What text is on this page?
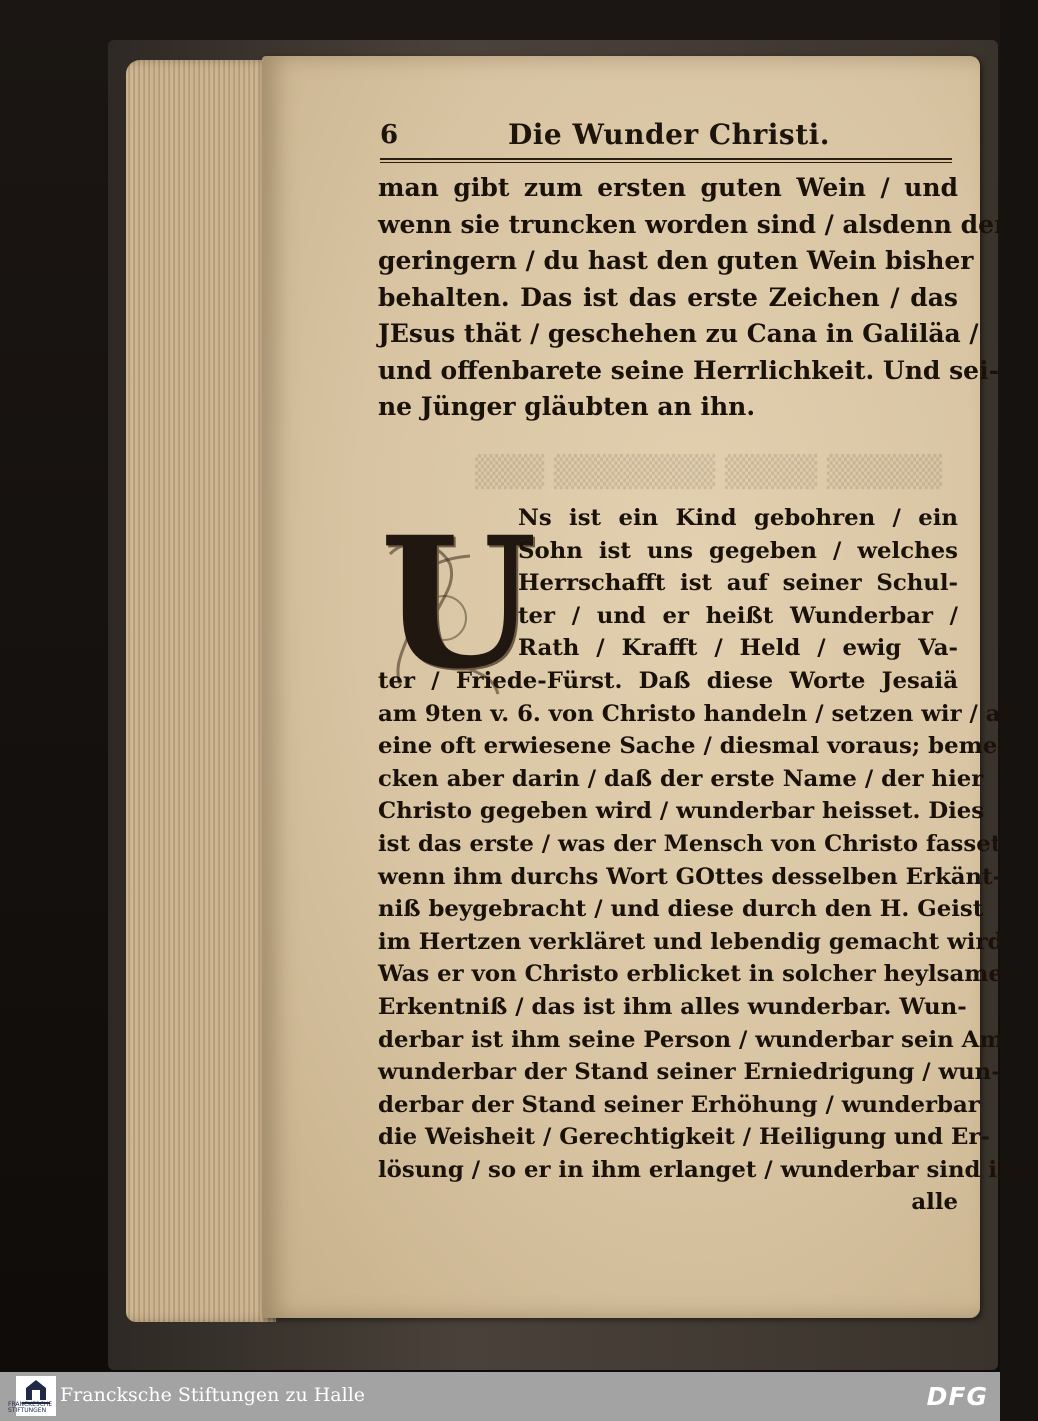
▒▒▒▒▒ ▒▒▒▒ ▒▒▒▒▒▒▒ ▒▒▒
6	Die Wunder Christi.
man gibt zum ersten guten Wein / und
wenn sie truncken worden sind / alsdenn den
geringern / du hast den guten Wein bisher
behalten. Das ist das erste Zeichen / das
JEsus thät / geschehen zu Cana in Galiläa /
und offenbarete seine Herrlichkeit. Und sei-
ne Jünger gläubten an ihn.
U
Ns ist ein Kind gebohren / ein
Sohn ist uns gegeben / welches
Herrschafft ist auf seiner Schul-
ter / und er heißt Wunderbar /
Rath / Krafft / Held / ewig Va-
ter / Friede-Fürst. Daß diese Worte Jesaiä
am 9ten v. 6. von Christo handeln / setzen wir / als
eine oft erwiesene Sache / diesmal voraus; bemer-
cken aber darin / daß der erste Name / der hier
Christo gegeben wird / wunderbar heisset. Dies
ist das erste / was der Mensch von Christo fasset /
wenn ihm durchs Wort GOttes desselben Erkänt-
niß beygebracht / und diese durch den H. Geist
im Hertzen verkläret und lebendig gemacht wird.
Was er von Christo erblicket in solcher heylsamen
Erkentniß / das ist ihm alles wunderbar. Wun-
derbar ist ihm seine Person / wunderbar sein Amt /
wunderbar der Stand seiner Erniedrigung / wun-
derbar der Stand seiner Erhöhung / wunderbar
die Weisheit / Gerechtigkeit / Heiligung und Er-
lösung / so er in ihm erlanget / wunderbar sind ihm
alle
FRANCKESCHE STIFTUNGEN
Francksche Stiftungen zu Halle	DFG
